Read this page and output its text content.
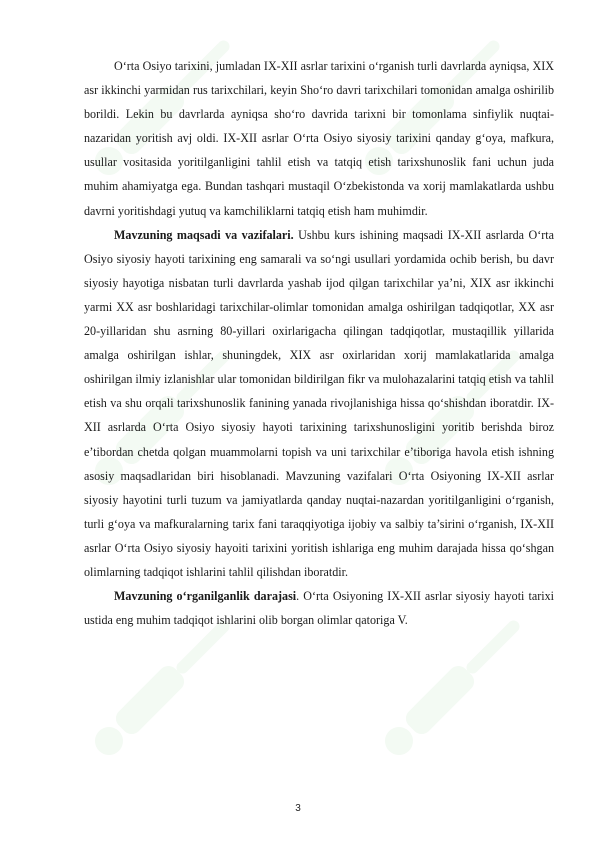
O‘rta Osiyo tarixini, jumladan IX-XII asrlar tarixini o‘rganish turli davrlarda ayniqsa, XIX asr ikkinchi yarmidan rus tarixchilari, keyin Sho‘ro davri tarixchilari tomonidan amalga oshirilib borildi. Lekin bu davrlarda ayniqsa sho‘ro davrida tarixni bir tomonlama sinfiylik nuqtai-nazaridan yoritish avj oldi. IX-XII asrlar O‘rta Osiyo siyosiy tarixini qanday g‘oya, mafkura, usullar vositasida yoritilganligini tahlil etish va tatqiq etish tarixshunoslik fani uchun juda muhim ahamiyatga ega. Bundan tashqari mustaqil O‘zbekistonda va xorij mamlakatlarda ushbu davrni yoritishdagi yutuq va kamchiliklarni tatqiq etish ham muhimdir.

Mavzuning maqsadi va vazifalari. Ushbu kurs ishining maqsadi IX-XII asrlarda O‘rta Osiyo siyosiy hayoti tarixining eng samarali va so‘ngi usullari yordamida ochib berish, bu davr siyosiy hayotiga nisbatan turli davrlarda yashab ijod qilgan tarixchilar ya’ni, XIX asr ikkinchi yarmi XX asr boshlaridagi tarixchilar-olimlar tomonidan amalga oshirilgan tadqiqotlar, XX asr 20-yillaridan shu asrning 80-yillari oxirlarigacha qilingan tadqiqotlar, mustaqillik yillarida amalga oshirilgan ishlar, shuningdek, XIX asr oxirlaridan xorij mamlakatlarida amalga oshirilgan ilmiy izlanishlar ular tomonidan bildirilgan fikr va mulohazalarini tatqiq etish va tahlil etish va shu orqali tarixshunoslik fanining yanada rivojlanishiga hissa qo‘shishdan iboratdir. IX-XII asrlarda O‘rta Osiyo siyosiy hayoti tarixining tarixshunosligini yoritib berishda biroz e’tibordan chetda qolgan muammolarni topish va uni tarixchilar e’tiboriga havola etish ishning asosiy maqsadlaridan biri hisoblanadi. Mavzuning vazifalari O‘rta Osiyoning IX-XII asrlar siyosiy hayotini turli tuzum va jamiyatlarda qanday nuqtai-nazardan yoritilganligini o‘rganish, turli g‘oya va mafkuralarning tarix fani taraqqiyotiga ijobiy va salbiy ta’sirini o‘rganish, IX-XII asrlar O‘rta Osiyo siyosiy hayoiti tarixini yoritish ishlariga eng muhim darajada hissa qo‘shgan olimlarning tadqiqot ishlarini tahlil qilishdan iboratdir.

Mavzuning o‘rganilganlik darajasi. O‘rta Osiyoning IX-XII asrlar siyosiy hayoti tarixi ustida eng muhim tadqiqot ishlarini olib borgan olimlar qatoriga V.

3
